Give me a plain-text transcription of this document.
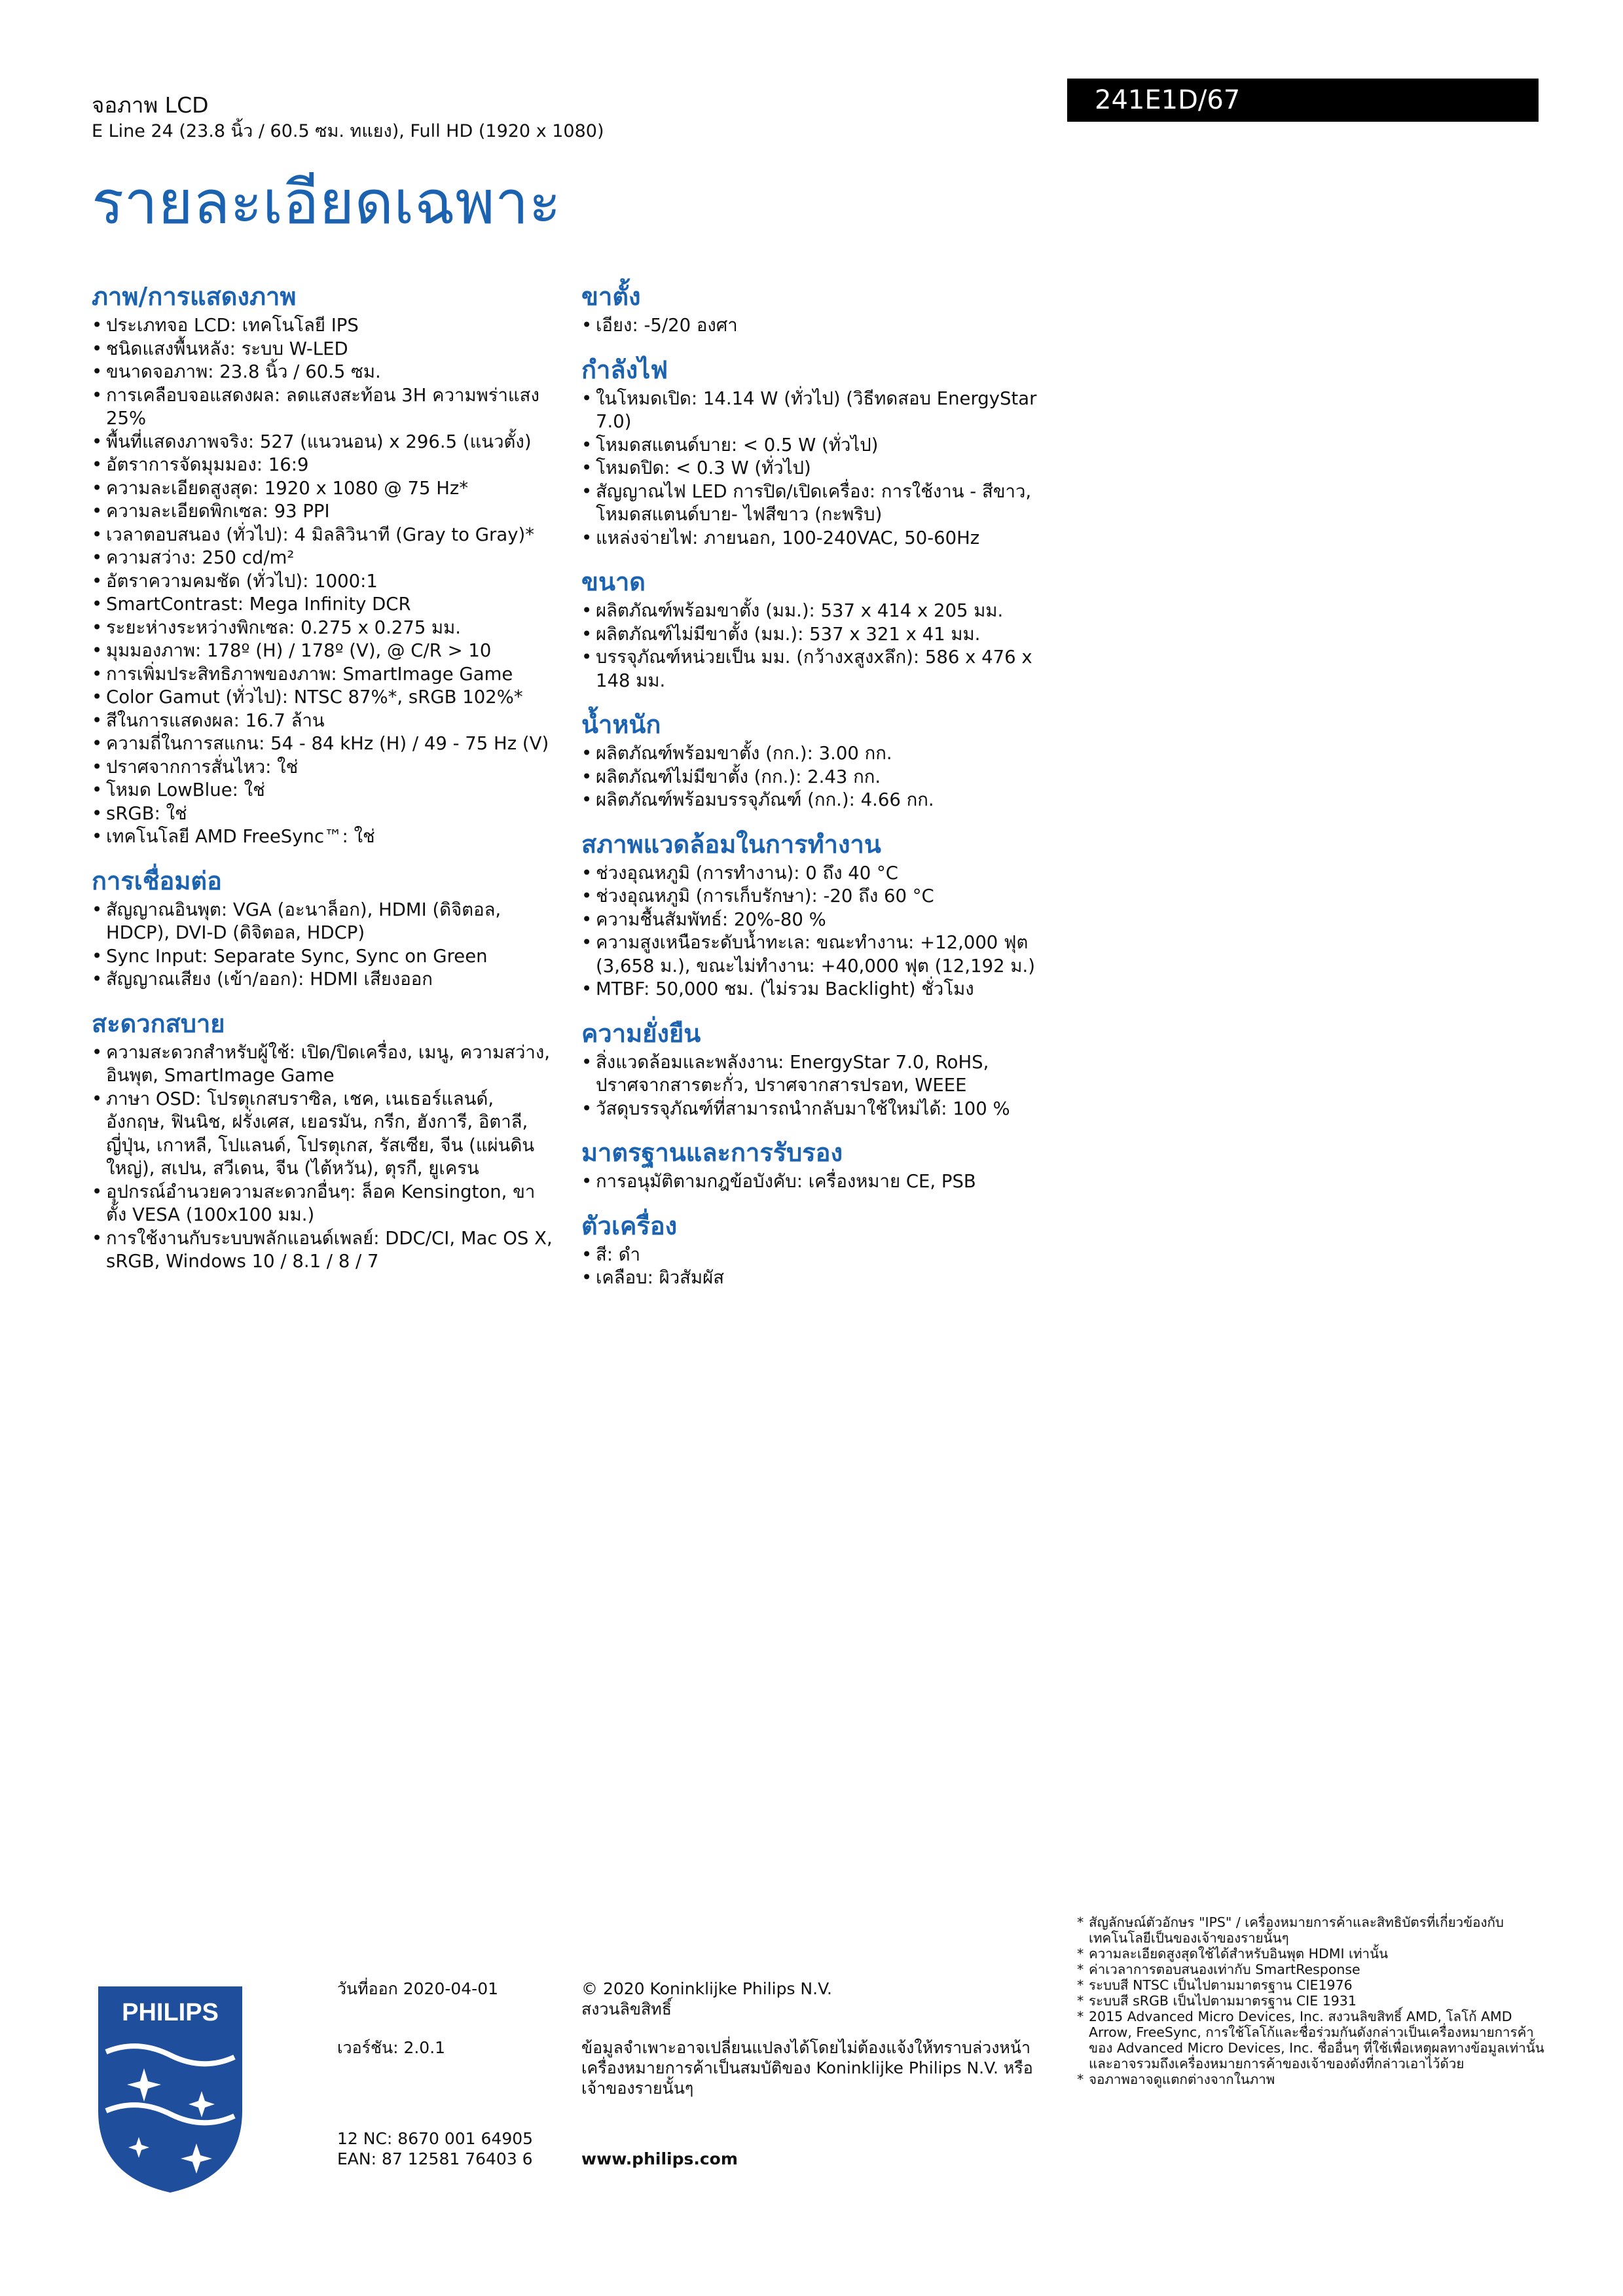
จอภาพ LCD
E Line 24 (23.8 นิ้ว / 60.5 ซม. ทแยง), Full HD (1920 x 1080)
241E1D/67
รายละเอียดเฉพาะ
ภาพ/การแสดงภาพ
• ประเภทจอ LCD: เทคโนโลยี IPS
• ชนิดแสงพื้นหลัง: ระบบ W-LED
• ขนาดจอภาพ: 23.8 นิ้ว / 60.5 ซม.
• การเคลือบจอแสดงผล: ลดแสงสะท้อน 3H ความพร่าแสง 25%
• พื้นที่แสดงภาพจริง: 527 (แนวนอน) x 296.5 (แนวตั้ง)
• อัตราการจัดมุมมอง: 16:9
• ความละเอียดสูงสุด: 1920 x 1080 @ 75 Hz*
• ความละเอียดพิกเซล: 93 PPI
• เวลาตอบสนอง (ทั่วไป): 4 มิลลิวินาที (Gray to Gray)*
• ความสว่าง: 250 cd/m²
• อัตราความคมชัด (ทั่วไป): 1000:1
• SmartContrast: Mega Infinity DCR
• ระยะห่างระหว่างพิกเซล: 0.275 x 0.275 มม.
• มุมมองภาพ: 178º (H) / 178º (V), @ C/R > 10
• การเพิ่มประสิทธิภาพของภาพ: SmartImage Game
• Color Gamut (ทั่วไป): NTSC 87%*, sRGB 102%*
• สีในการแสดงผล: 16.7 ล้าน
• ความถี่ในการสแกน: 54 - 84 kHz (H) / 49 - 75 Hz (V)
• ปราศจากการสั่นไหว: ใช่
• โหมด LowBlue: ใช่
• sRGB: ใช่
• เทคโนโลยี AMD FreeSync™: ใช่
การเชื่อมต่อ
• สัญญาณอินพุต: VGA (อะนาล็อก), HDMI (ดิจิตอล, HDCP), DVI-D (ดิจิตอล, HDCP)
• Sync Input: Separate Sync, Sync on Green
• สัญญาณเสียง (เข้า/ออก): HDMI เสียงออก
สะดวกสบาย
• ความสะดวกสำหรับผู้ใช้: เปิด/ปิดเครื่อง, เมนู, ความสว่าง, อินพุต, SmartImage Game
• ภาษา OSD: โปรตุเกสบราซิล, เชค, เนเธอร์แลนด์, อังกฤษ, ฟินนิช, ฝรั่งเศส, เยอรมัน, กรีก, ฮังการี, อิตาลี, ญี่ปุ่น, เกาหลี, โปแลนด์, โปรตุเกส, รัสเซีย, จีน (แผ่นดินใหญ่), สเปน, สวีเดน, จีน (ไต้หวัน), ตุรกี, ยูเครน
• อุปกรณ์อำนวยความสะดวกอื่นๆ: ล็อค Kensington, ขาตั้ง VESA (100x100 มม.)
• การใช้งานกับระบบพลักแอนด์เพลย์: DDC/CI, Mac OS X, sRGB, Windows 10 / 8.1 / 8 / 7
ขาตั้ง
• เอียง: -5/20 องศา
กำลังไฟ
• ในโหมดเปิด: 14.14 W (ทั่วไป) (วิธีทดสอบ EnergyStar 7.0)
• โหมดสแตนด์บาย: < 0.5 W (ทั่วไป)
• โหมดปิด: < 0.3 W (ทั่วไป)
• สัญญาณไฟ LED การปิด/เปิดเครื่อง: การใช้งาน - สีขาว, โหมดสแตนด์บาย- ไฟสีขาว (กะพริบ)
• แหล่งจ่ายไฟ: ภายนอก, 100-240VAC, 50-60Hz
ขนาด
• ผลิตภัณฑ์พร้อมขาตั้ง (มม.): 537 x 414 x 205 มม.
• ผลิตภัณฑ์ไม่มีขาตั้ง (มม.): 537 x 321 x 41 มม.
• บรรจุภัณฑ์หน่วยเป็น มม. (กว้างxสูงxลึก): 586 x 476 x 148 มม.
น้ำหนัก
• ผลิตภัณฑ์พร้อมขาตั้ง (กก.): 3.00 กก.
• ผลิตภัณฑ์ไม่มีขาตั้ง (กก.): 2.43 กก.
• ผลิตภัณฑ์พร้อมบรรจุภัณฑ์ (กก.): 4.66 กก.
สภาพแวดล้อมในการทำงาน
• ช่วงอุณหภูมิ (การทำงาน): 0 ถึง 40 °C
• ช่วงอุณหภูมิ (การเก็บรักษา): -20 ถึง 60 °C
• ความชื้นสัมพัทธ์: 20%-80 %
• ความสูงเหนือระดับน้ำทะเล: ขณะทำงาน: +12,000 ฟุต (3,658 ม.), ขณะไม่ทำงาน: +40,000 ฟุต (12,192 ม.)
• MTBF: 50,000 ชม. (ไม่รวม Backlight) ชั่วโมง
ความยั่งยืน
• สิ่งแวดล้อมและพลังงาน: EnergyStar 7.0, RoHS, ปราศจากสารตะกั่ว, ปราศจากสารปรอท, WEEE
• วัสดุบรรจุภัณฑ์ที่สามารถนำกลับมาใช้ใหม่ได้: 100 %
มาตรฐานและการรับรอง
• การอนุมัติตามกฎข้อบังคับ: เครื่องหมาย CE, PSB
ตัวเครื่อง
• สี: ดำ
• เคลือบ: ผิวสัมผัส
PHILIPS
วันที่ออก 2020-04-01
เวอร์ชัน: 2.0.1
12 NC: 8670 001 64905
EAN: 87 12581 76403 6
© 2020 Koninklijke Philips N.V. สงวนลิขสิทธิ์
ข้อมูลจำเพาะอาจเปลี่ยนแปลงได้โดยไม่ต้องแจ้งให้ทราบล่วงหน้า เครื่องหมายการค้าเป็นสมบัติของ Koninklijke Philips N.V. หรือเจ้าของรายนั้นๆ
www.philips.com
* สัญลักษณ์ตัวอักษร "IPS" / เครื่องหมายการค้าและสิทธิบัตรที่เกี่ยวข้องกับเทคโนโลยีเป็นของเจ้าของรายนั้นๆ
* ความละเอียดสูงสุดใช้ได้สำหรับอินพุต HDMI เท่านั้น
* ค่าเวลาการตอบสนองเท่ากับ SmartResponse
* ระบบสี NTSC เป็นไปตามมาตรฐาน CIE1976
* ระบบสี sRGB เป็นไปตามมาตรฐาน CIE 1931
* 2015 Advanced Micro Devices, Inc. สงวนลิขสิทธิ์ AMD, โลโก้ AMD Arrow, FreeSync, การใช้โลโก้และชื่อร่วมกันดังกล่าวเป็นเครื่องหมายการค้าของ Advanced Micro Devices, Inc. ชื่ออื่นๆ ที่ใช้เพื่อเหตุผลทางข้อมูลเท่านั้นและอาจรวมถึงเครื่องหมายการค้าของเจ้าของดังที่กล่าวเอาไว้ด้วย
* จอภาพอาจดูแตกต่างจากในภาพ
